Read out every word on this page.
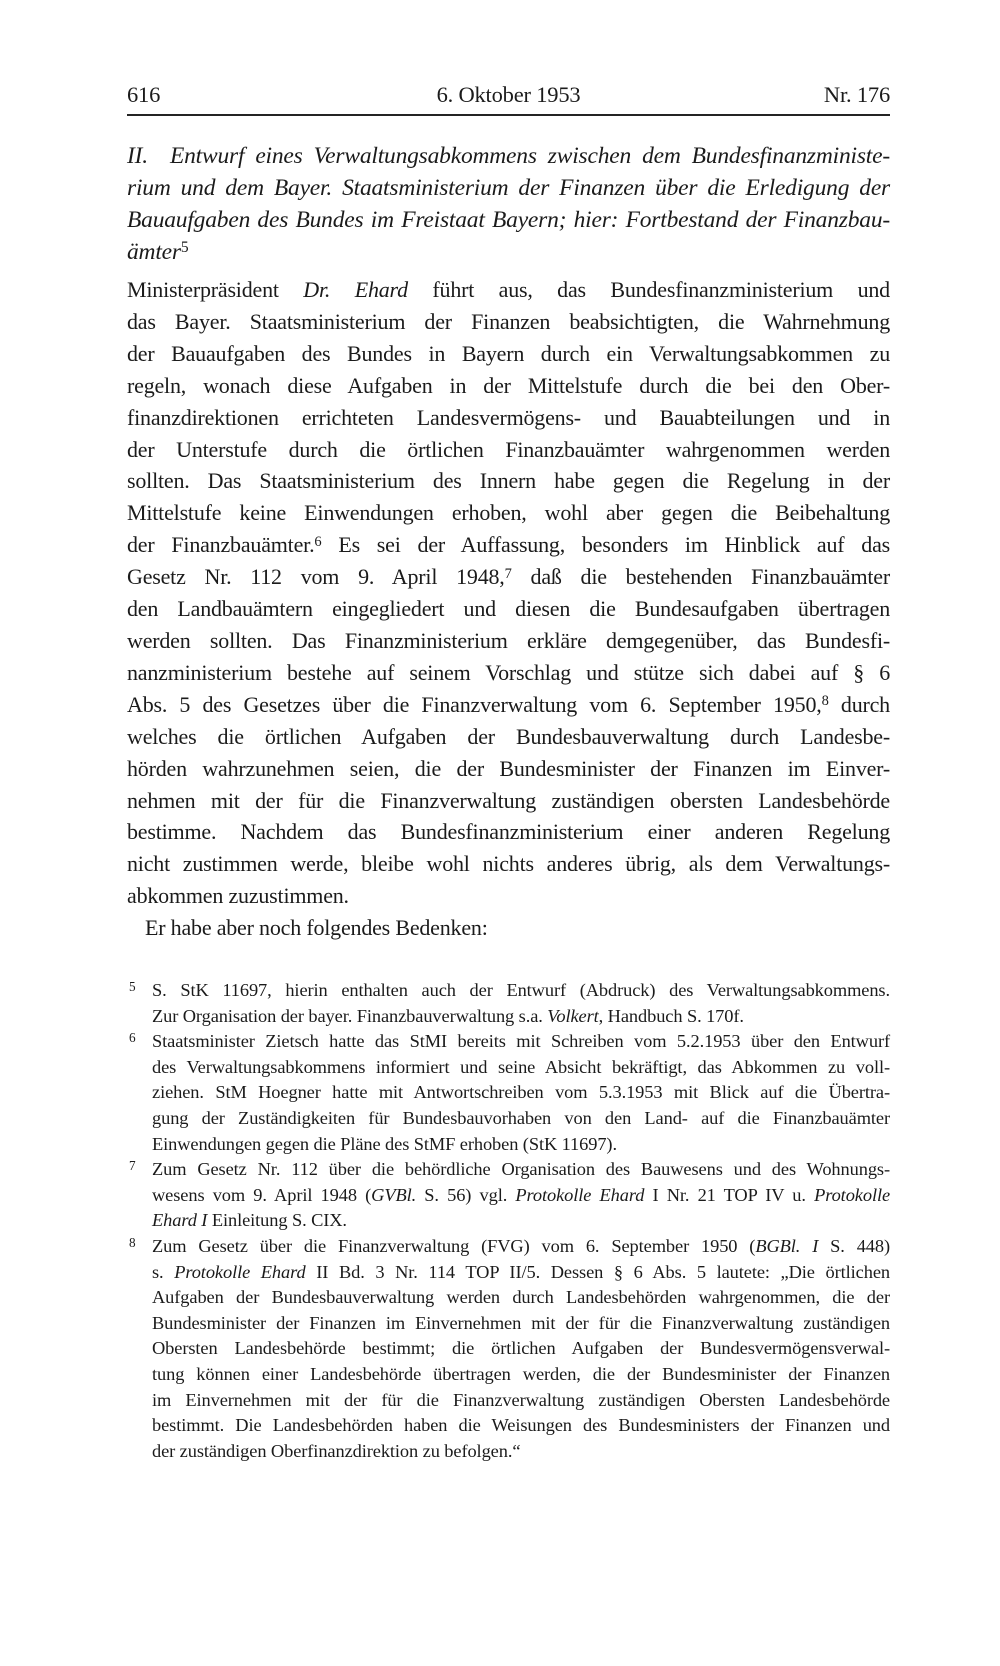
616	6. Oktober 1953	Nr. 176
II.  Entwurf eines Verwaltungsabkommens zwischen dem Bundesfinanzministe-
rium und dem Bayer. Staatsministerium der Finanzen über die Erledigung der
Bauaufgaben des Bundes im Freistaat Bayern; hier: Fortbestand der Finanzbau-
ämter$^5$
Ministerpräsident Dr. Ehard führt aus, das Bundesfinanzministerium und
das Bayer. Staatsministerium der Finanzen beabsichtigten, die Wahrnehmung
der Bauaufgaben des Bundes in Bayern durch ein Verwaltungsabkommen zu
regeln, wonach diese Aufgaben in der Mittelstufe durch die bei den Ober-
finanzdirektionen errichteten Landesvermögens- und Bauabteilungen und in
der Unterstufe durch die örtlichen Finanzbauämter wahrgenommen werden
sollten. Das Staatsministerium des Innern habe gegen die Regelung in der
Mittelstufe keine Einwendungen erhoben, wohl aber gegen die Beibehaltung
der Finanzbauämter.$^6$ Es sei der Auffassung, besonders im Hinblick auf das
Gesetz Nr. 112 vom 9. April 1948,$^7$ daß die bestehenden Finanzbauämter
den Landbauämtern eingegliedert und diesen die Bundesaufgaben übertragen
werden sollten. Das Finanzministerium erkläre demgegenüber, das Bundesfi-
nanzministerium bestehe auf seinem Vorschlag und stütze sich dabei auf § 6
Abs. 5 des Gesetzes über die Finanzverwaltung vom 6. September 1950,$^8$ durch
welches die örtlichen Aufgaben der Bundesbauverwaltung durch Landesbe-
hörden wahrzunehmen seien, die der Bundesminister der Finanzen im Einver-
nehmen mit der für die Finanzverwaltung zuständigen obersten Landesbehörde
bestimme. Nachdem das Bundesfinanzministerium einer anderen Regelung
nicht zustimmen werde, bleibe wohl nichts anderes übrig, als dem Verwaltungs-
abkommen zuzustimmen.
Er habe aber noch folgendes Bedenken:
5 S. StK 11697, hierin enthalten auch der Entwurf (Abdruck) des Verwaltungsabkommens.
Zur Organisation der bayer. Finanzbauverwaltung s.a. Volkert, Handbuch S. 170f.
6 Staatsminister Zietsch hatte das StMI bereits mit Schreiben vom 5.2.1953 über den Entwurf
des Verwaltungsabkommens informiert und seine Absicht bekräftigt, das Abkommen zu voll-
ziehen. StM Hoegner hatte mit Antwortschreiben vom 5.3.1953 mit Blick auf die Übertra-
gung der Zuständigkeiten für Bundesbauvorhaben von den Land- auf die Finanzbauämter
Einwendungen gegen die Pläne des StMF erhoben (StK 11697).
7 Zum Gesetz Nr. 112 über die behördliche Organisation des Bauwesens und des Wohnungs-
wesens vom 9. April 1948 (GVBl. S. 56) vgl. Protokolle Ehard I Nr. 21 TOP IV u. Protokolle
Ehard I Einleitung S. CIX.
8 Zum Gesetz über die Finanzverwaltung (FVG) vom 6. September 1950 (BGBl. I S. 448)
s. Protokolle Ehard II Bd. 3 Nr. 114 TOP II/5. Dessen § 6 Abs. 5 lautete: „Die örtlichen
Aufgaben der Bundesbauverwaltung werden durch Landesbehörden wahrgenommen, die der
Bundesminister der Finanzen im Einvernehmen mit der für die Finanzverwaltung zuständigen
Obersten Landesbehörde bestimmt; die örtlichen Aufgaben der Bundesvermögensverwal-
tung können einer Landesbehörde übertragen werden, die der Bundesminister der Finanzen
im Einvernehmen mit der für die Finanzverwaltung zuständigen Obersten Landesbehörde
bestimmt. Die Landesbehörden haben die Weisungen des Bundesministers der Finanzen und
der zuständigen Oberfinanzdirektion zu befolgen.“
